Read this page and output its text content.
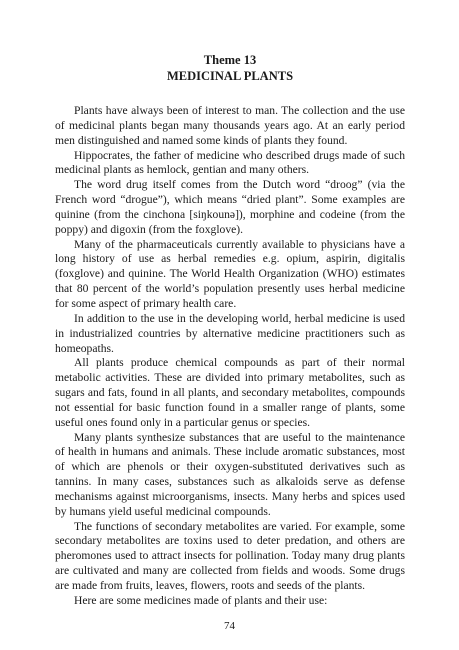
Theme 13
MEDICINAL PLANTS

Plants have always been of interest to man. The collection and the use of medicinal plants began many thousands years ago. At an early period men distinguished and named some kinds of plants they found.

Hippocrates, the father of medicine who described drugs made of such medicinal plants as hemlock, gentian and many others.

The word drug itself comes from the Dutch word “droog” (via the French word “drogue”), which means “dried plant”. Some examples are quinine (from the cinchona [siŋkounə]), morphine and codeine (from the poppy) and digoxin (from the foxglove).

Many of the pharmaceuticals currently available to physicians have a long history of use as herbal remedies e.g. opium, aspirin, digitalis (foxglove) and quinine. The World Health Organization (WHO) estimates that 80 percent of the world’s population presently uses herbal medicine for some aspect of primary health care.

In addition to the use in the developing world, herbal medicine is used in industrialized countries by alternative medicine practitioners such as homeopaths.

All plants produce chemical compounds as part of their normal metabolic activities. These are divided into primary metabolites, such as sugars and fats, found in all plants, and secondary metabolites, compounds not essential for basic function found in a smaller range of plants, some useful ones found only in a particular genus or species.

Many plants synthesize substances that are useful to the maintenance of health in humans and animals. These include aromatic substances, most of which are phenols or their oxygen-substituted derivatives such as tannins. In many cases, substances such as alkaloids serve as defense mechanisms against microorganisms, insects. Many herbs and spices used by humans yield useful medicinal compounds.

The functions of secondary metabolites are varied. For example, some secondary metabolites are toxins used to deter predation, and others are pheromones used to attract insects for pollination. Today many drug plants are cultivated and many are collected from fields and woods. Some drugs are made from fruits, leaves, flowers, roots and seeds of the plants.

Here are some medicines made of plants and their use:

74
